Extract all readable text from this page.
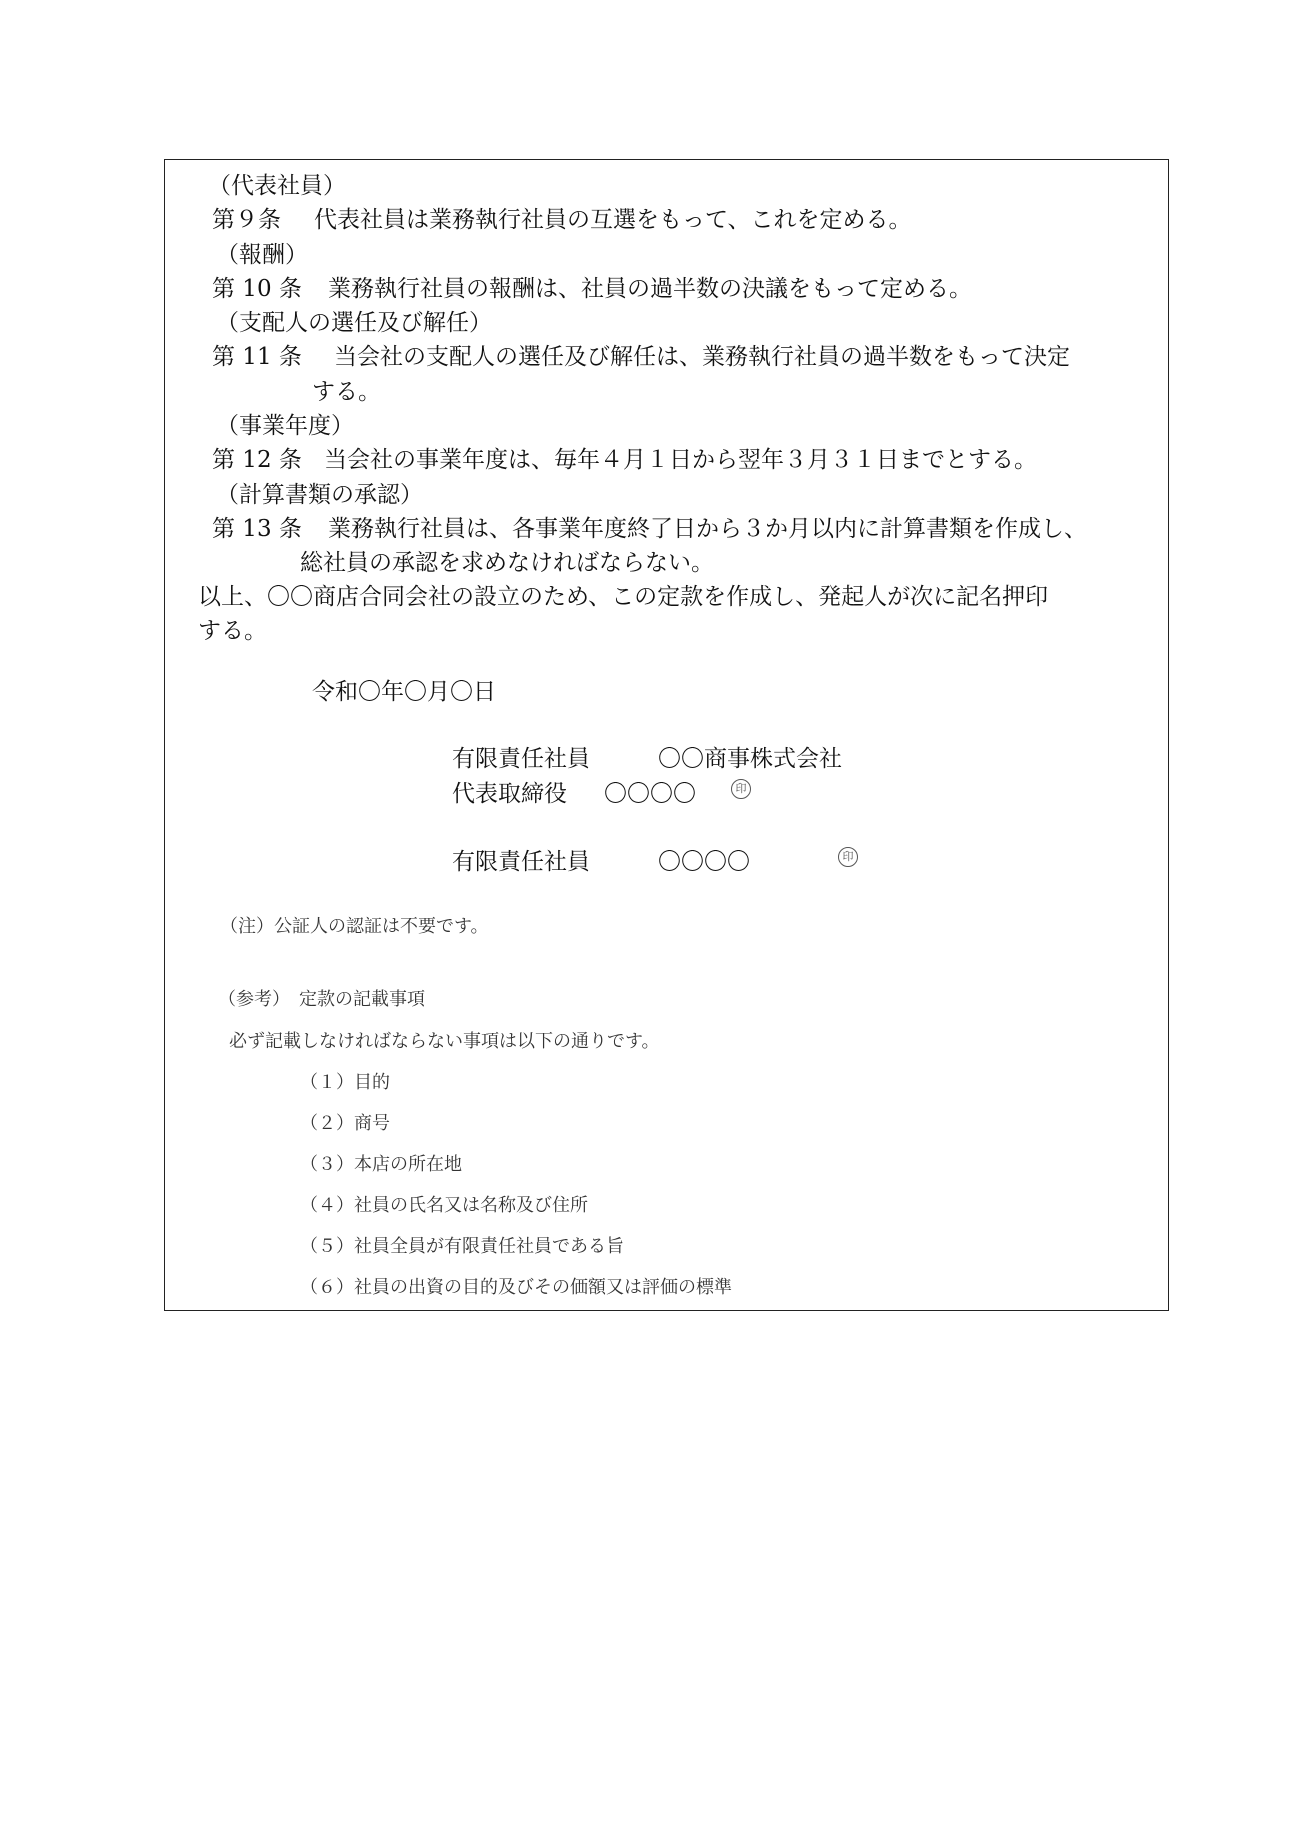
（代表社員）
第９条 代表社員は業務執行社員の互選をもって、これを定める。
（報酬）
第 10 条 業務執行社員の報酬は、社員の過半数の決議をもって定める。
（支配人の選任及び解任）
第 11 条 当会社の支配人の選任及び解任は、業務執行社員の過半数をもって決定
する。
（事業年度）
第 12 条 当会社の事業年度は、毎年４月１日から翌年３月３１日までとする。
（計算書類の承認）
第 13 条 業務執行社員は、各事業年度終了日から３か月以内に計算書類を作成し、
総社員の承認を求めなければならない。
以上、〇〇商店合同会社の設立のため、この定款を作成し、発起人が次に記名押印
する。
令和〇年〇月〇日
有限責任社員	〇〇商事株式会社
代表取締役 〇〇〇〇	印
有限責任社員	〇〇〇〇	印
（注）公証人の認証は不要です。
（参考）　定款の記載事項
必ず記載しなければならない事項は以下の通りです。
（１）目的
（２）商号
（３）本店の所在地
（４）社員の氏名又は名称及び住所
（５）社員全員が有限責任社員である旨
（６）社員の出資の目的及びその価額又は評価の標準
